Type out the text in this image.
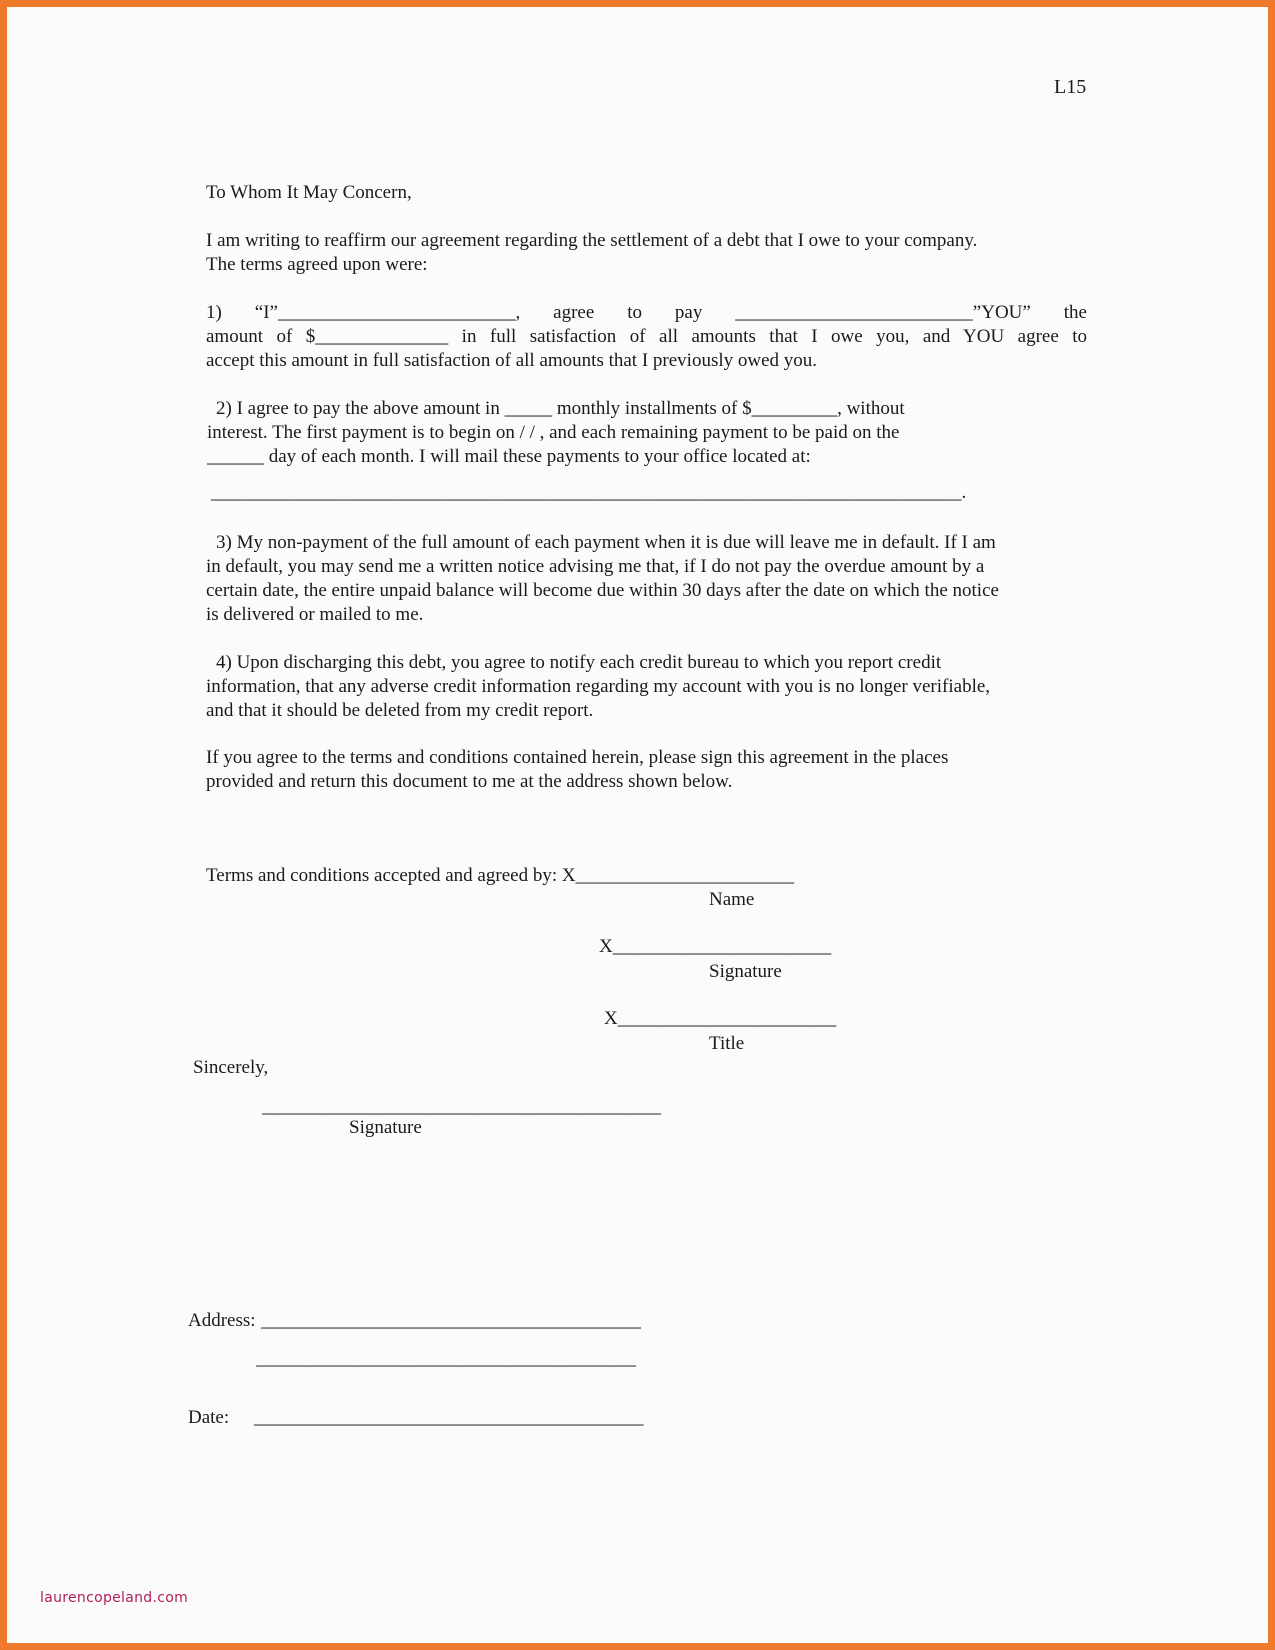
L15
To Whom It May Concern,
I am writing to reaffirm our agreement regarding the settlement of a debt that I owe to your company.
The terms agreed upon were:
1) “I”_________________________, agree to pay _________________________”YOU” the
amount of $______________ in full satisfaction of all amounts that I owe you, and YOU agree to
accept this amount in full satisfaction of all amounts that I previously owed you.
2) I agree to pay the above amount in _____ monthly installments of $_________, without
interest. The first payment is to begin on / / , and each remaining payment to be paid on the
______ day of each month. I will mail these payments to your office located at:
_______________________________________________________________________________.
3) My non-payment of the full amount of each payment when it is due will leave me in default. If I am
in default, you may send me a written notice advising me that, if I do not pay the overdue amount by a
certain date, the entire unpaid balance will become due within 30 days after the date on which the notice
is delivered or mailed to me.
4) Upon discharging this debt, you agree to notify each credit bureau to which you report credit
information, that any adverse credit information regarding my account with you is no longer verifiable,
and that it should be deleted from my credit report.
If you agree to the terms and conditions contained herein, please sign this agreement in the places
provided and return this document to me at the address shown below.
Terms and conditions accepted and agreed by: X_______________________
Name
X_______________________
Signature
X_______________________
Title
Sincerely,
__________________________________________
Signature
Address: ________________________________________
________________________________________
Date: _________________________________________
laurencopeland.com
